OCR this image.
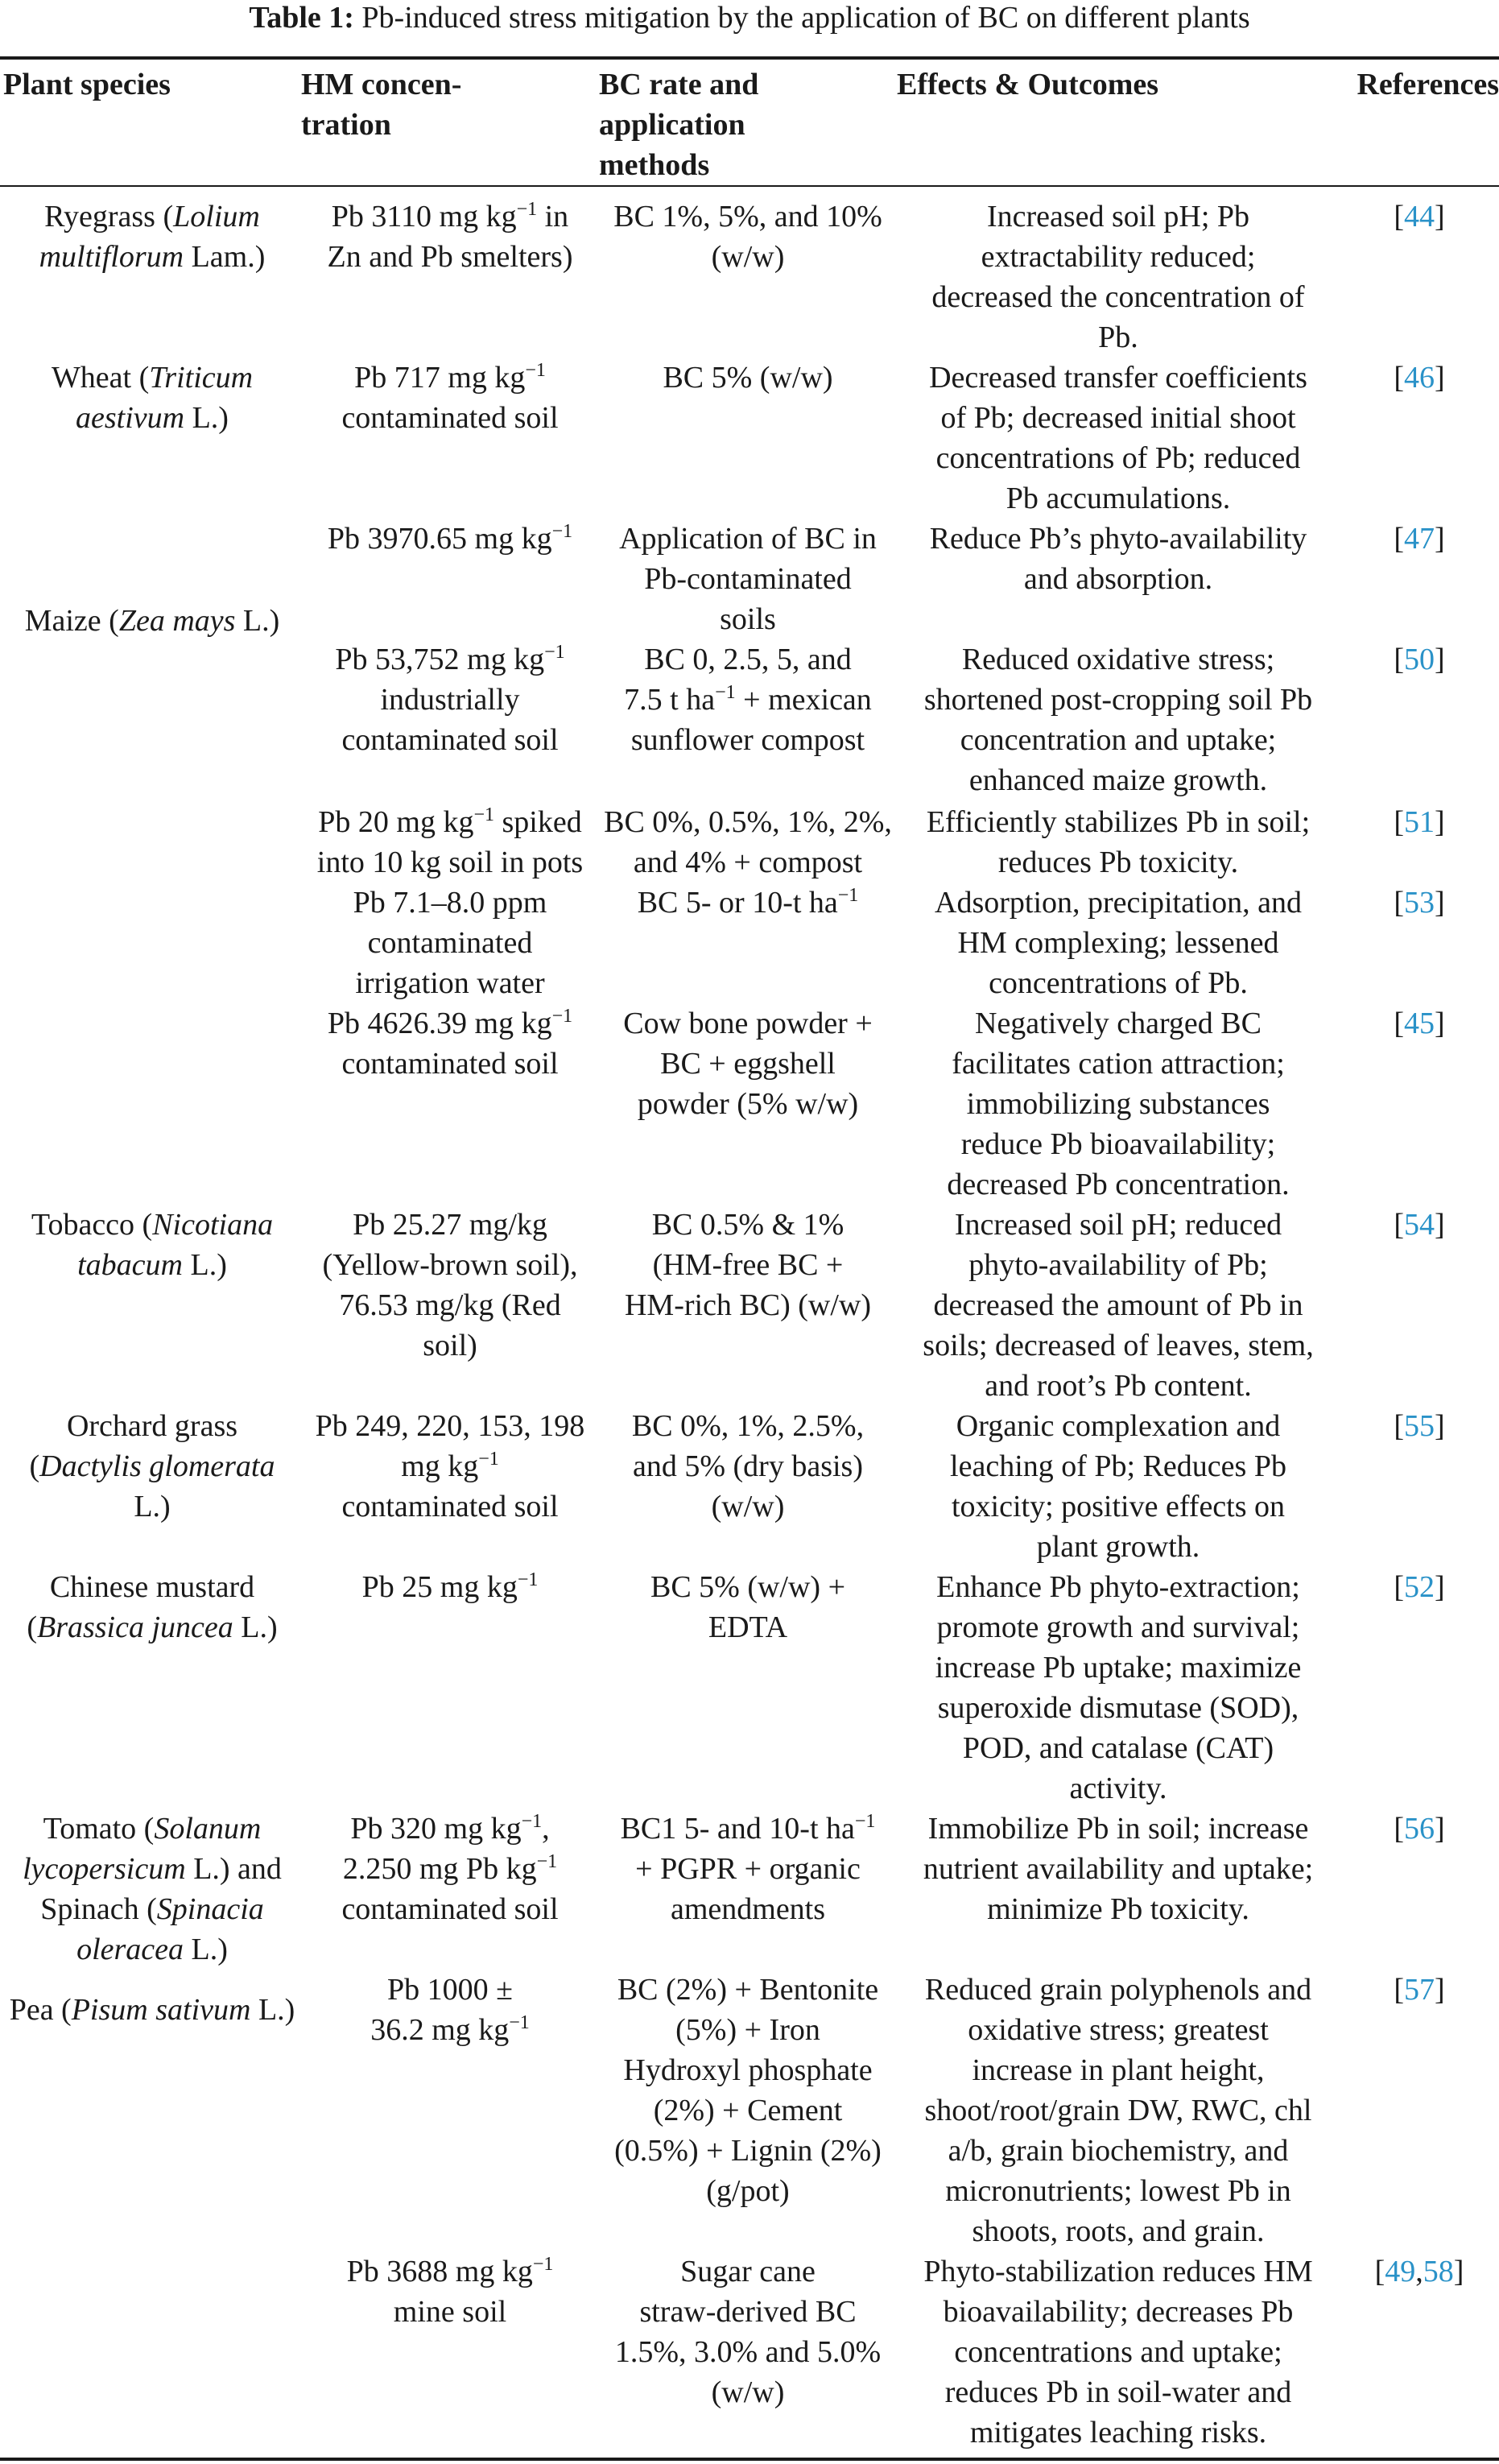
Table 1: Pb-induced stress mitigation by the application of BC on different plants
Plant species	HM concen-
tration
BC rate and
application
methods
Effects & Outcomes	References
Ryegrass (Lolium
multiflorum Lam.)
Wheat (Triticum
aestivum L.)
Maize (Zea mays L.)
Tobacco (Nicotiana
tabacum L.)
Orchard grass
(Dactylis glomerata
L.)
Chinese mustard
(Brassica juncea L.)
Tomato (Solanum
lycopersicum L.) and
Spinach (Spinacia
oleracea L.)
Pea (Pisum sativum L.)
Pb 3110 mg $kg^{-1}$ in
Zn and Pb smelters)
Pb 717 mg $kg^{-1}$
contaminated soil
Pb 3970.65 mg $kg^{-1}$
Pb 53,752 mg $kg^{-1}$
industrially
contaminated soil
Pb 20 mg $kg^{-1}$ spiked
into 10 kg soil in pots
Pb 7.1–8.0 ppm
contaminated
irrigation water
Pb 4626.39 mg $kg^{-1}$
contaminated soil
Pb 25.27 mg/kg
(Yellow-brown soil),
76.53 mg/kg (Red
soil)
Pb 249, 220, 153, 198
mg $kg^{-1}$
contaminated soil
Pb 25 mg $kg^{-1}$
Pb 320 mg $kg^{-1}$,
2.250 mg Pb $kg^{-1}$
contaminated soil
Pb 1000 ±
36.2 mg $kg^{-1}$
Pb 3688 mg $kg^{-1}$
mine soil
BC 1%, 5%, and 10%
(w/w)
BC 5% (w/w)
Application of BC in
Pb-contaminated
soils
BC 0, 2.5, 5, and
7.5 t $ha^{-1}$ + mexican
sunflower compost
BC 0%, 0.5%, 1%, 2%,
and 4% + compost
BC 5- or 10-t $ha^{-1}$
Cow bone powder +
BC + eggshell
powder (5% w/w)
BC 0.5% & 1%
(HM-free BC +
HM-rich BC) (w/w)
BC 0%, 1%, 2.5%,
and 5% (dry basis)
(w/w)
BC 5% (w/w) +
EDTA
BC1 5- and 10-t $ha^{-1}$
+ PGPR + organic
amendments
BC (2%) + Bentonite
(5%) + Iron
Hydroxyl phosphate
(2%) + Cement
(0.5%) + Lignin (2%)
(g/pot)
Sugar cane
straw-derived BC
1.5%, 3.0% and 5.0%
(w/w)
Increased soil pH; Pb
extractability reduced;
decreased the concentration of
Pb.
Decreased transfer coefficients
of Pb; decreased initial shoot
concentrations of Pb; reduced
Pb accumulations.
Reduce Pb’s phyto-availability
and absorption.
Reduced oxidative stress;
shortened post-cropping soil Pb
concentration and uptake;
enhanced maize growth.
Efficiently stabilizes Pb in soil;
reduces Pb toxicity.
Adsorption, precipitation, and
HM complexing; lessened
concentrations of Pb.
Negatively charged BC
facilitates cation attraction;
immobilizing substances
reduce Pb bioavailability;
decreased Pb concentration.
Increased soil pH; reduced
phyto-availability of Pb;
decreased the amount of Pb in
soils; decreased of leaves, stem,
and root’s Pb content.
Organic complexation and
leaching of Pb; Reduces Pb
toxicity; positive effects on
plant growth.
Enhance Pb phyto-extraction;
promote growth and survival;
increase Pb uptake; maximize
superoxide dismutase (SOD),
POD, and catalase (CAT)
activity.
Immobilize Pb in soil; increase
nutrient availability and uptake;
minimize Pb toxicity.
Reduced grain polyphenols and
oxidative stress; greatest
increase in plant height,
shoot/root/grain DW, RWC, chl
a/b, grain biochemistry, and
micronutrients; lowest Pb in
shoots, roots, and grain.
Phyto-stabilization reduces HM
bioavailability; decreases Pb
concentrations and uptake;
reduces Pb in soil-water and
mitigates leaching risks.
[44]
[46]
[47]
[50]
[51]
[53]
[45]
[54]
[55]
[52]
[56]
[57]
[49,58]
